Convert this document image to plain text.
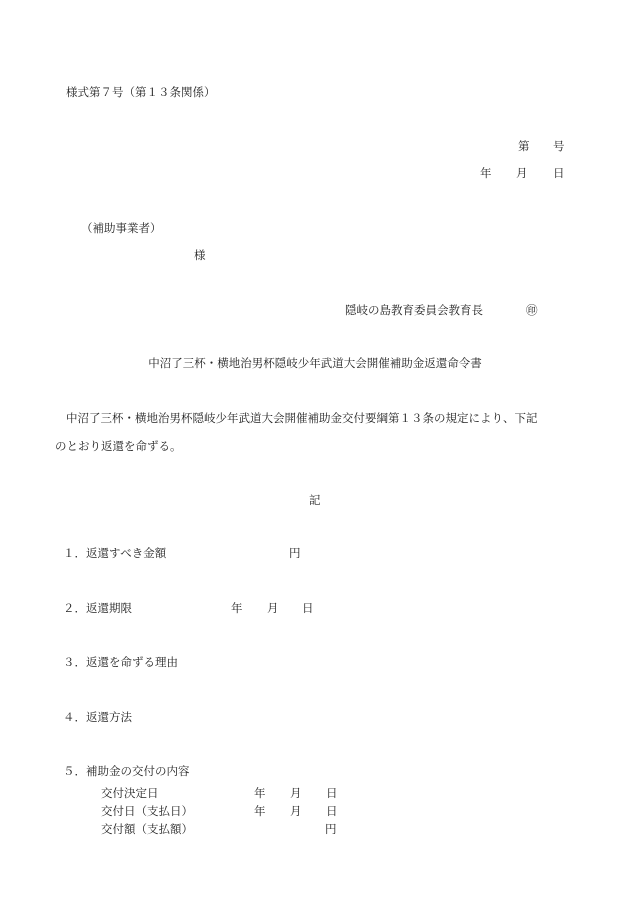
様式第７号（第１３条関係）
第 号
年 月 日
（補助事業者）
様
隠岐の島教育委員会教育長	㊞
中沼了三杯・横地治男杯隠岐少年武道大会開催補助金返還命令書
中沼了三杯・横地治男杯隠岐少年武道大会開催補助金交付要綱第１３条の規定により、下記
のとおり返還を命ずる。
記
１．返還すべき金額	円
２．返還期限	年 月 日
３．返還を命ずる理由
４．返還方法
５．補助金の交付の内容
交付決定日	年 月 日
交付日（支払日）	年 月 日
交付額（支払額）	円
